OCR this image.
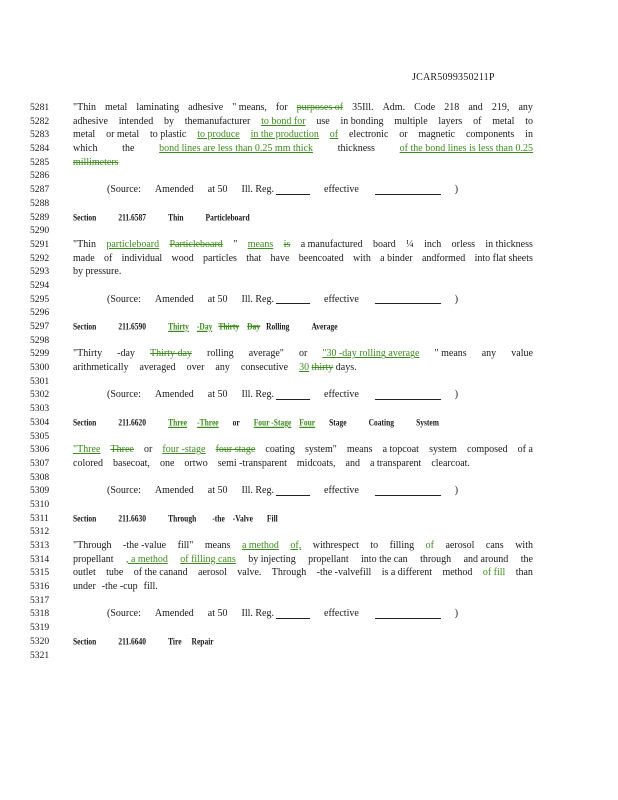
JCAR5099350211P
5281
5282
5283
5284
5285
5286
5287
5288
5289
5290
5291
5292
5293
5294
5295
5296
5297
5298
5299
5300
5301
5302
5303
5304
5305
5306
5307
5308
5309
5310
5311
5312
5313
5314
5315
5316
5317
5318
5319
5320
5321
"Thin metal laminating adhesive " means, for purposes of 35Ill. Adm. Code 218 and 219, any
adhesive intended by themanufacturer to bond for use in bonding multiple layers of metal to
metal or metal to plastic to produce in the production of electronic or magnetic components in
which the bond lines are less than 0.25 mm thick thickness of the bond lines is less than 0.25
millimeters
(Source: Amended at 50 Ill. Reg.	effective	)
Section	211.6587	Thin	Particleboard
"Thin particleboard Particleboard " means is a manufactured board ¼ inch orless in thickness
made of individual wood particles that have beencoated with a binder andformed into flat sheets
by pressure.
(Source: Amended at 50 Ill. Reg.	effective	)
Section	211.6590	Thirty -Day Thirty Day Rolling	Average
"Thirty -day Thirty day rolling average" or "30 -day rolling average " means any value
arithmetically averaged over any consecutive 30 thirty days.
(Source: Amended at 50 Ill. Reg.	effective	)
Section	211.6620	Three -Three or Four -Stage Four Stage	Coating	System
"Three Three or four -stage four stage coating system" means a topcoat system composed of a
colored basecoat, one ortwo semi -transparent midcoats, and a transparent clearcoat.
(Source: Amended at 50 Ill. Reg.	effective	)
Section	211.6630	Through -the -Valve Fill
"Through -the -value fill" means a method of, withrespect to filling of aerosol cans with
propellant , a method of filling cans by injecting propellant into the can through and around the
outlet tube of the canand aerosol valve. Through -the -valvefill is a different method of fill than
under -the -cup fill.
(Source: Amended at 50 Ill. Reg.	effective	)
Section	211.6640	Tire Repair
